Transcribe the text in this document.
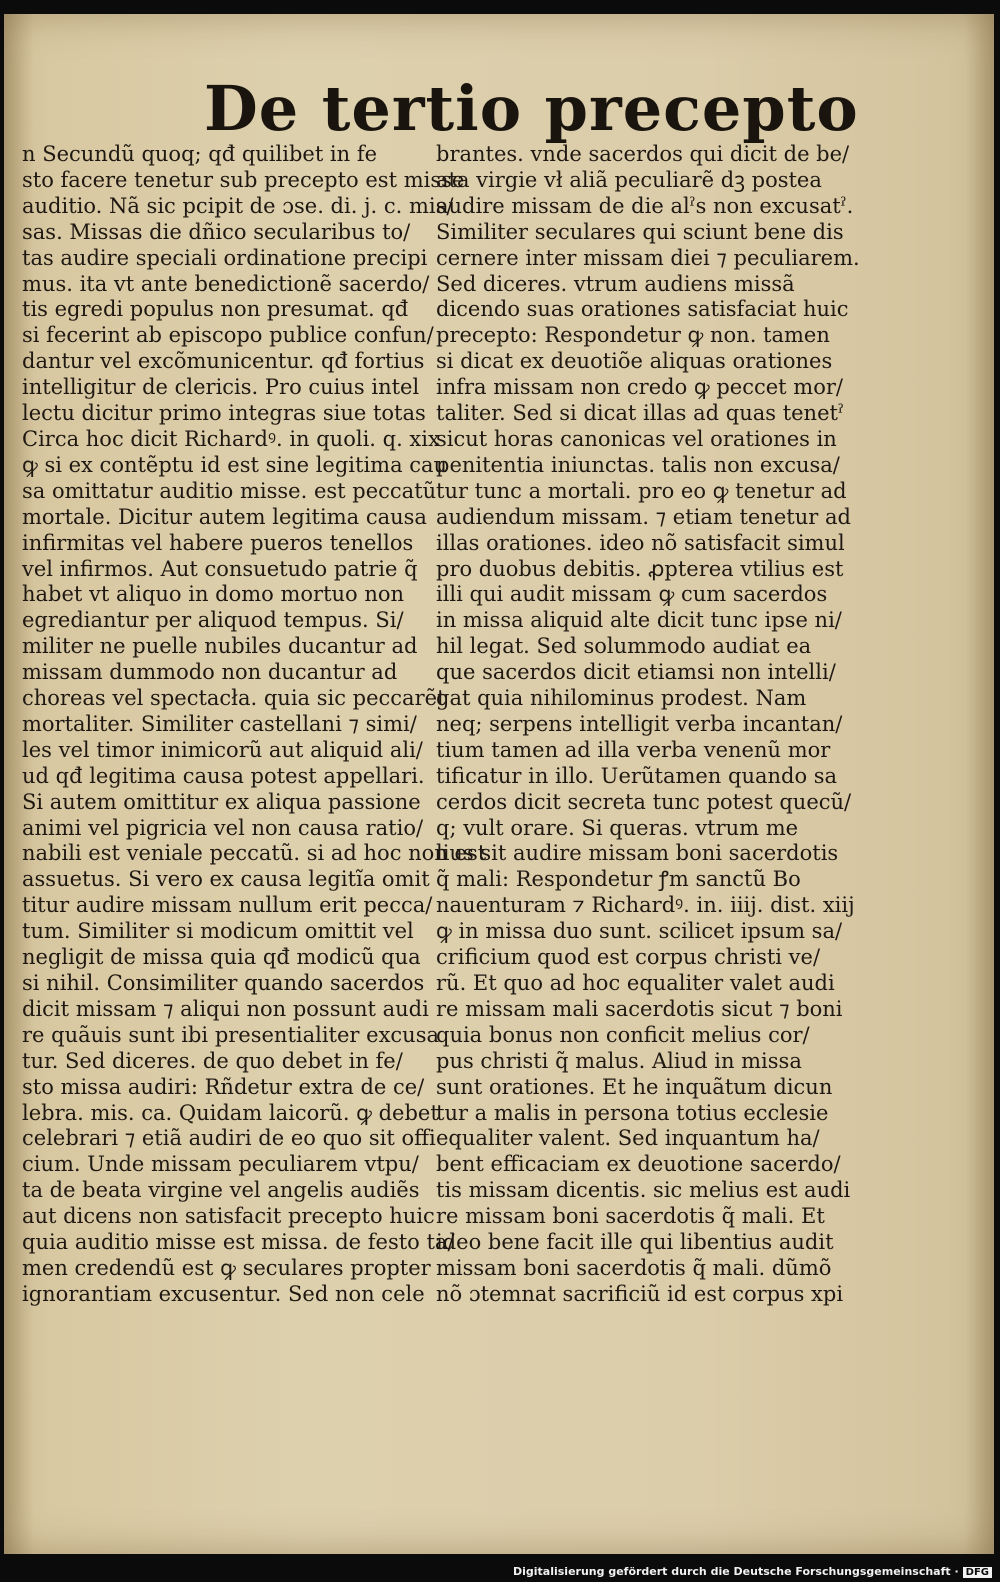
De tertio precepto
n Secundũ quoq; qđ quilibet in fe
sto facere tenetur sub precepto est misse
auditio. Nã sic pcipit de ɔse. di. j. c. mis/
sas. Missas die dñico secularibus to/
tas audire speciali ordinatione precipi
mus. ita vt ante benedictionẽ sacerdo/
tis egredi populus non presumat. qđ
si fecerint ab episcopo publice confun/
dantur vel excõmunicentur. qđ fortius
intelligitur de clericis. Pro cuius intel
lectu dicitur primo integras siue totas
Circa hoc dicit Richardꝰ. in quoli. q. xix
ꝙ si ex contẽptu id est sine legitima cau
sa omittatur auditio misse. est peccatũ
mortale. Dicitur autem legitima causa
infirmitas vel habere pueros tenellos
vel infirmos. Aut consuetudo patrie q̃
habet vt aliquo in domo mortuo non
egrediantur per aliquod tempus. Si/
militer ne puelle nubiles ducantur ad
missam dummodo non ducantur ad
choreas vel spectacła. quia sic peccarẽt
mortaliter. Similiter castellani ⁊ simi/
les vel timor inimicorũ aut aliquid ali/
ud qđ legitima causa potest appellari.
Si autem omittitur ex aliqua passione
animi vel pigricia vel non causa ratio/
nabili est veniale peccatũ. si ad hoc non est
assuetus. Si vero ex causa legitĩa omit
titur audire missam nullum erit pecca/
tum. Similiter si modicum omittit vel
negligit de missa quia qđ modicũ qua
si nihil. Consimiliter quando sacerdos
dicit missam ⁊ aliqui non possunt audi
re quãuis sunt ibi presentialiter excusa
tur. Sed diceres. de quo debet in fe/
sto missa audiri: Rñdetur extra de ce/
lebra. mis. ca. Quidam laicorũ. ꝙ debet
celebrari ⁊ etiã audiri de eo quo sit offi
cium. Unde missam peculiarem vtpu/
ta de beata virgine vel angelis audiẽs
aut dicens non satisfacit precepto huic
quia auditio misse est missa. de festo ta/
men credendũ est ꝙ seculares propter
ignorantiam excusentur. Sed non cele
brantes. vnde sacerdos qui dicit de be/
ata virgie vł aliã peculiarẽ dꝫ postea
audire missam de die alˀs non excusatˀ.
Similiter seculares qui sciunt bene dis
cernere inter missam diei ⁊ peculiarem.
Sed diceres. vtrum audiens missã
dicendo suas orationes satisfaciat huic
precepto: Respondetur ꝙ non. tamen
si dicat ex deuotiõe aliquas orationes
infra missam non credo ꝙ peccet mor/
taliter. Sed si dicat illas ad quas tenetˀ
sicut horas canonicas vel orationes in
penitentia iniunctas. talis non excusa/
tur tunc a mortali. pro eo ꝙ tenetur ad
audiendum missam. ⁊ etiam tenetur ad
illas orationes. ideo nõ satisfacit simul
pro duobus debitis. ꝓpterea vtilius est
illi qui audit missam ꝙ cum sacerdos
in missa aliquid alte dicit tunc ipse ni/
hil legat. Sed solummodo audiat ea
que sacerdos dicit etiamsi non intelli/
gat quia nihilominus prodest. Nam
neq; serpens intelligit verba incantan/
tium tamen ad illa verba venenũ mor
tificatur in illo. Uerũtamen quando sa
cerdos dicit secreta tunc potest quecũ/
q; vult orare. Si queras. vtrum me
lius sit audire missam boni sacerdotis
q̃ mali: Respondetur ꝭm sanctũ Bo
nauenturam ⁊ Richardꝰ. in. iiij. dist. xiij
ꝙ in missa duo sunt. scilicet ipsum sa/
crificium quod est corpus christi ve/
rũ. Et quo ad hoc equaliter valet audi
re missam mali sacerdotis sicut ⁊ boni
quia bonus non conficit melius cor/
pus christi q̃ malus. Aliud in missa
sunt orationes. Et he inquãtum dicun
tur a malis in persona totius ecclesie
equaliter valent. Sed inquantum ha/
bent efficaciam ex deuotione sacerdo/
tis missam dicentis. sic melius est audi
re missam boni sacerdotis q̃ mali. Et
ideo bene facit ille qui libentius audit
missam boni sacerdotis q̃ mali. dũmõ
nõ ɔtemnat sacrificiũ id est corpus xpi
Digitalisierung gefördert durch die Deutsche Forschungsgemeinschaft · DFG
